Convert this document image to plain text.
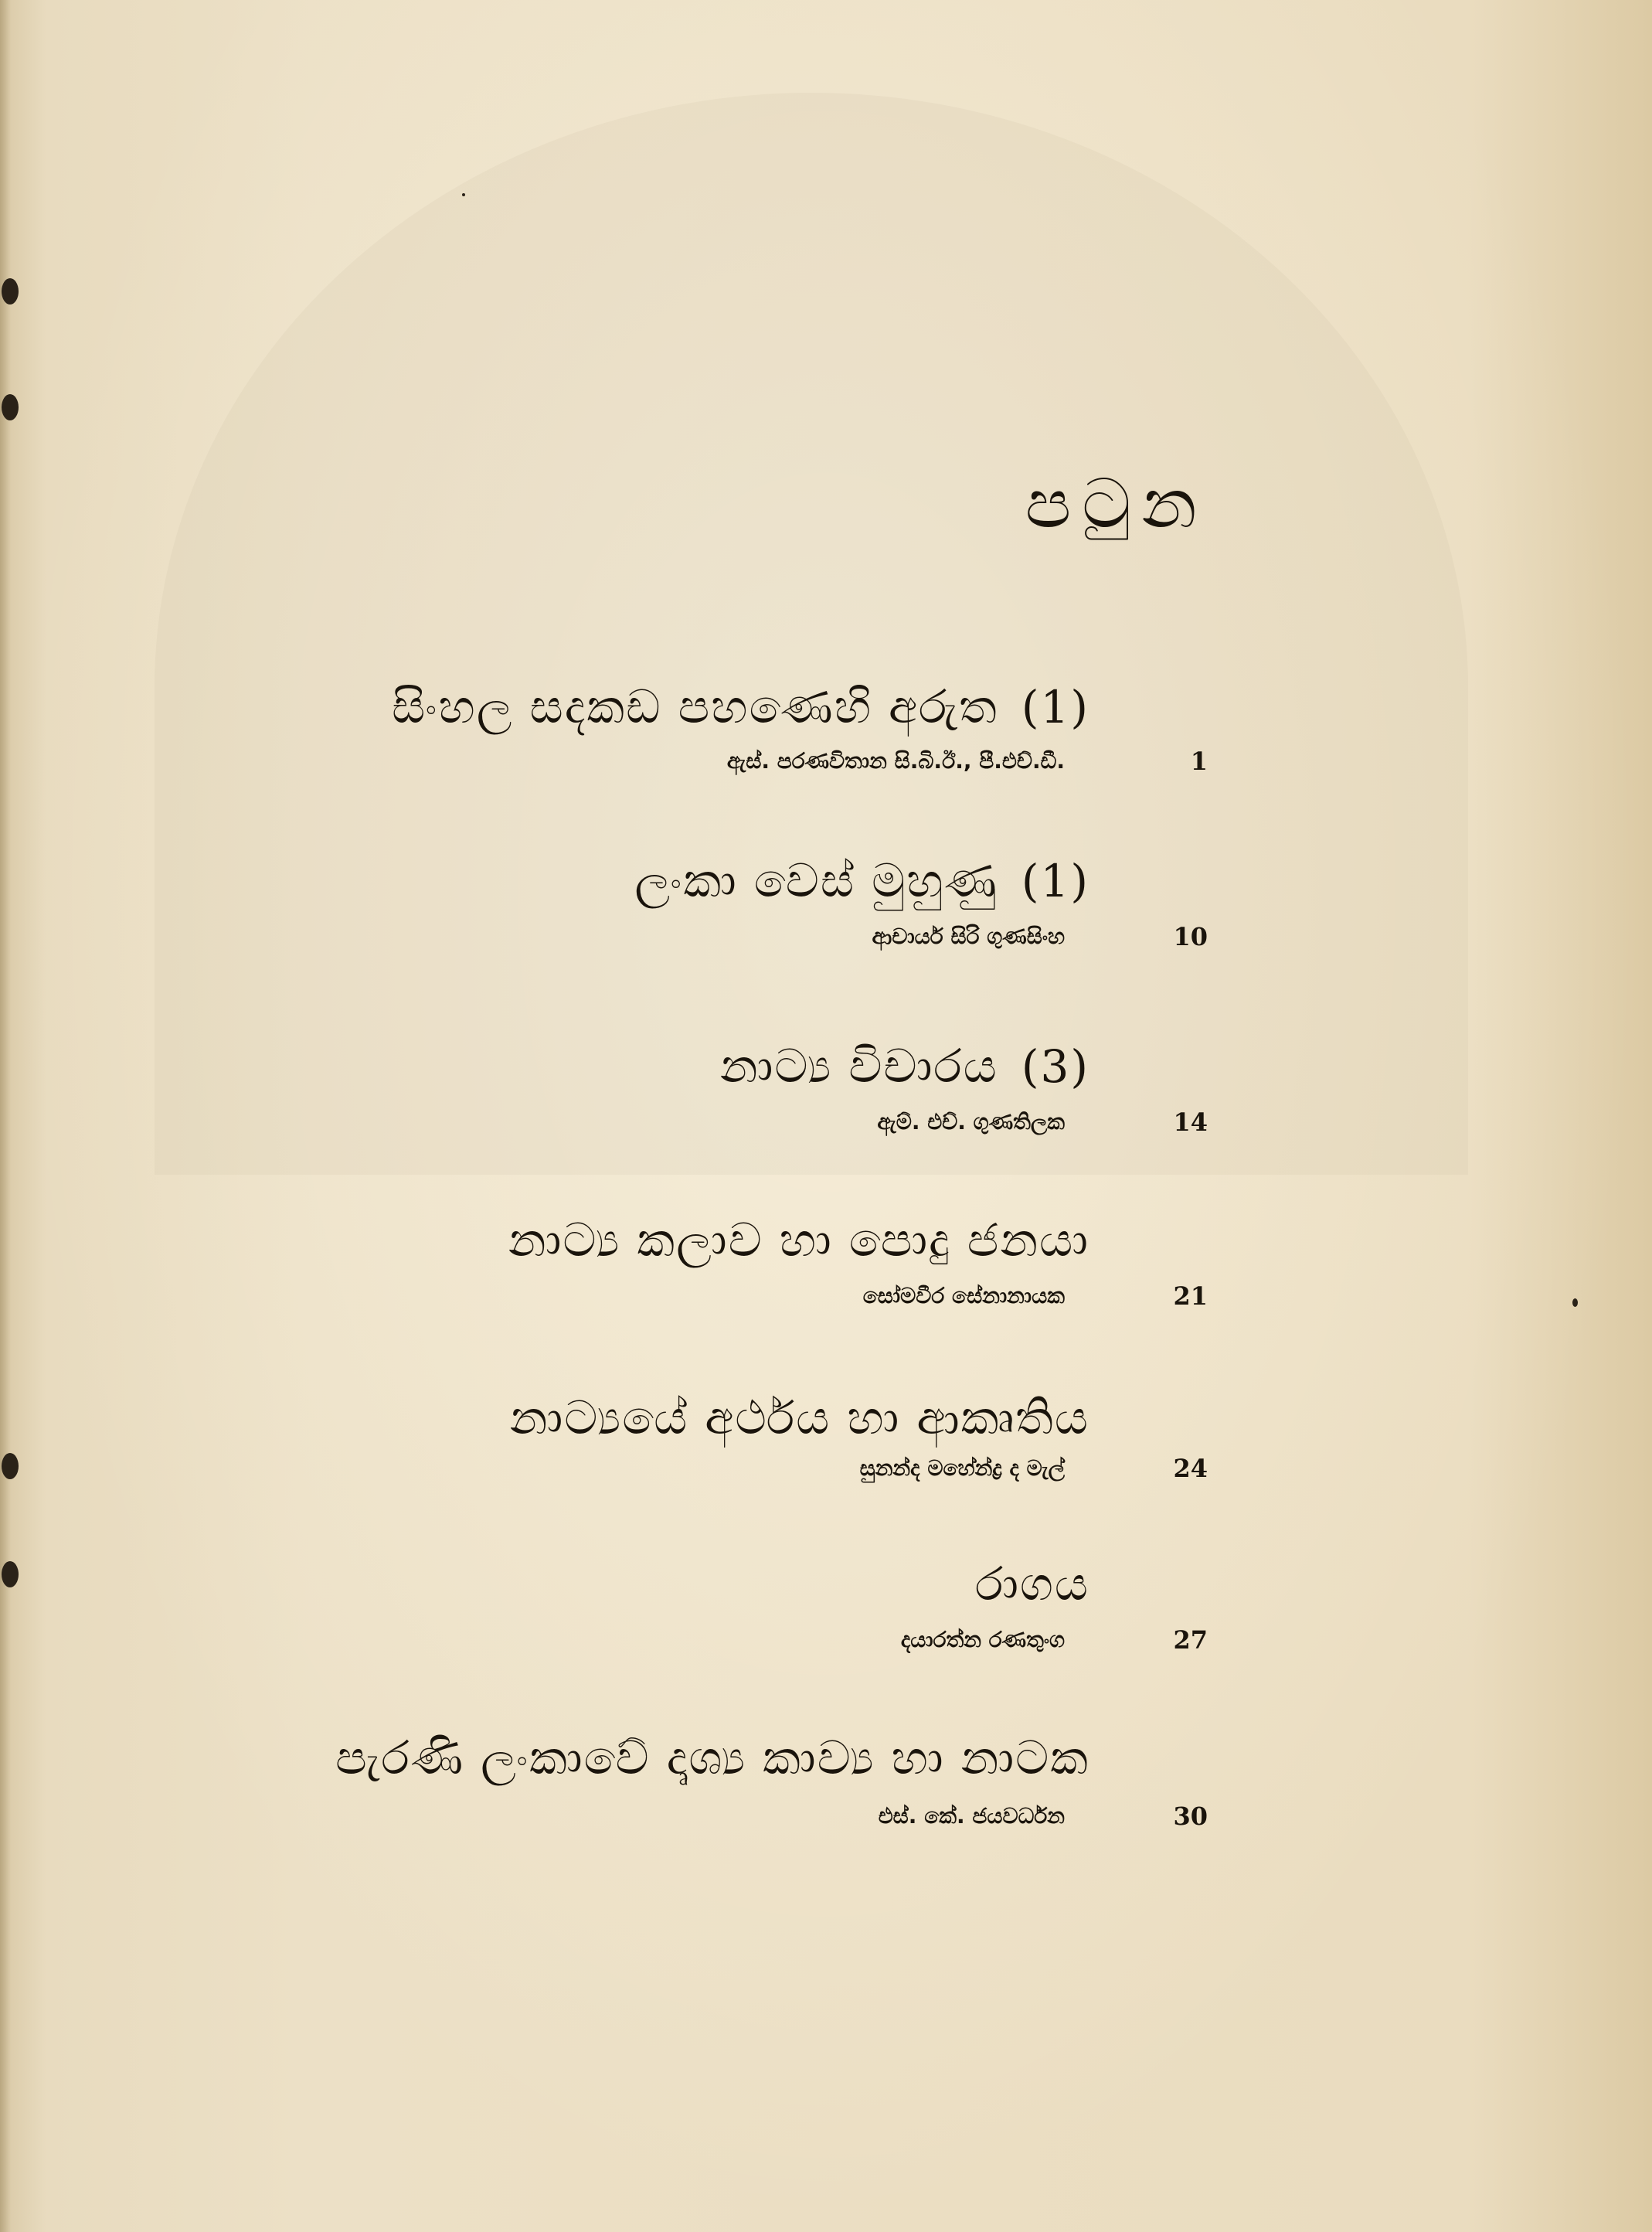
පටුන
සිංහල සදකඩ පහණෙහි අරුත (1)
ඇස්. පරණවිතාන සි.බි.ඊ., පී.එච්.ඩී.	1
ලංකා වෙස් මුහුණු (1)
ආචාර්ය සිරි ගුණසිංහ	10
නාට්‍ය විචාරය (3)
ඇම්. එච්. ගුණතිලක	14
නාට්‍ය කලාව හා පොදු ජනයා
සෝමවීර සේනානායක	21
නාට්‍යයේ අර්ථය හා ආකෘතිය
සුනන්ද මහේන්ද්‍ර ද මැල්	24
රාගය
දයාරත්න රණතුංග	27
පැරණි ලංකාවේ දෘශ්‍ය කාව්‍ය හා නාටක
එස්. කේ. ජයවර්ධන	30
